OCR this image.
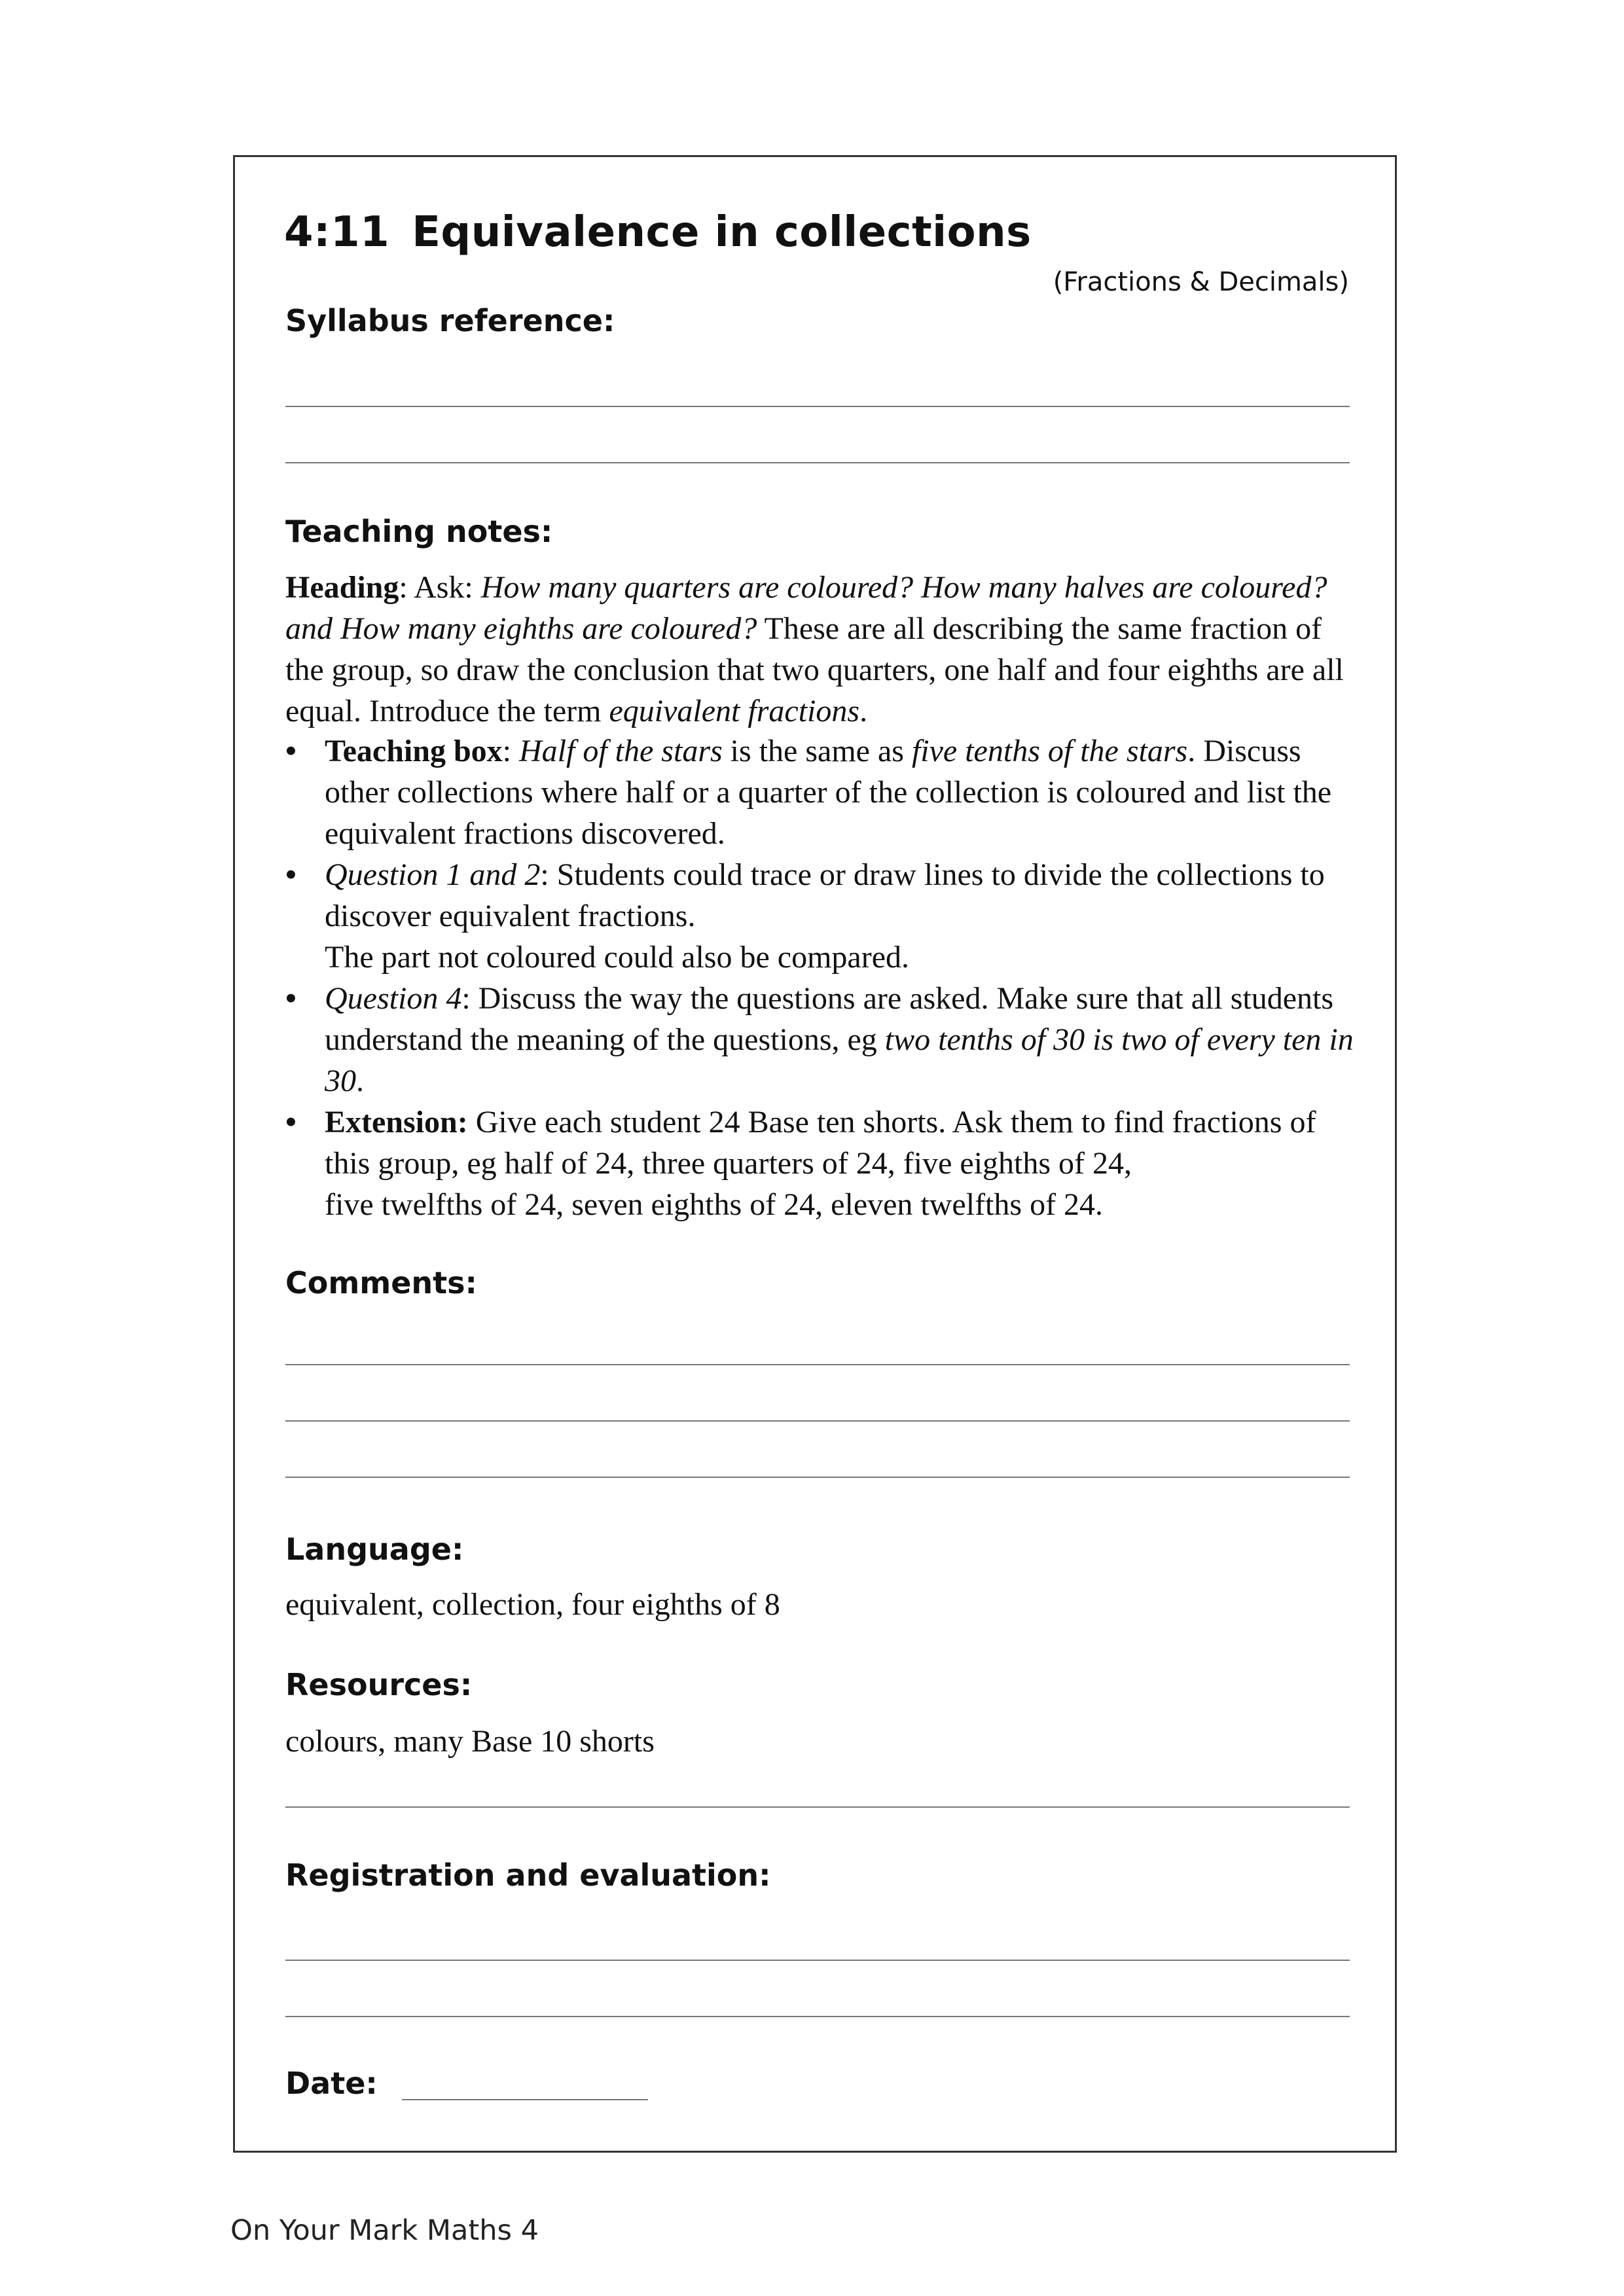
4:11 Equivalence in collections
(Fractions & Decimals)
Syllabus reference:
Teaching notes:
Heading: Ask: How many quarters are coloured? How many halves are coloured? and How many eighths are coloured? These are all describing the same fraction of the group, so draw the conclusion that two quarters, one half and four eighths are all equal. Introduce the term equivalent fractions.
• Teaching box: Half of the stars is the same as five tenths of the stars. Discuss other collections where half or a quarter of the collection is coloured and list the equivalent fractions discovered.
• Question 1 and 2: Students could trace or draw lines to divide the collections to discover equivalent fractions.
The part not coloured could also be compared.
• Question 4: Discuss the way the questions are asked. Make sure that all students understand the meaning of the questions, eg two tenths of 30 is two of every ten in 30.
• Extension: Give each student 24 Base ten shorts. Ask them to find fractions of this group, eg half of 24, three quarters of 24, five eighths of 24,
five twelfths of 24, seven eighths of 24, eleven twelfths of 24.
Comments:
Language:
equivalent, collection, four eighths of 8
Resources:
colours, many Base 10 shorts
Registration and evaluation:
Date:
On Your Mark Maths 4
